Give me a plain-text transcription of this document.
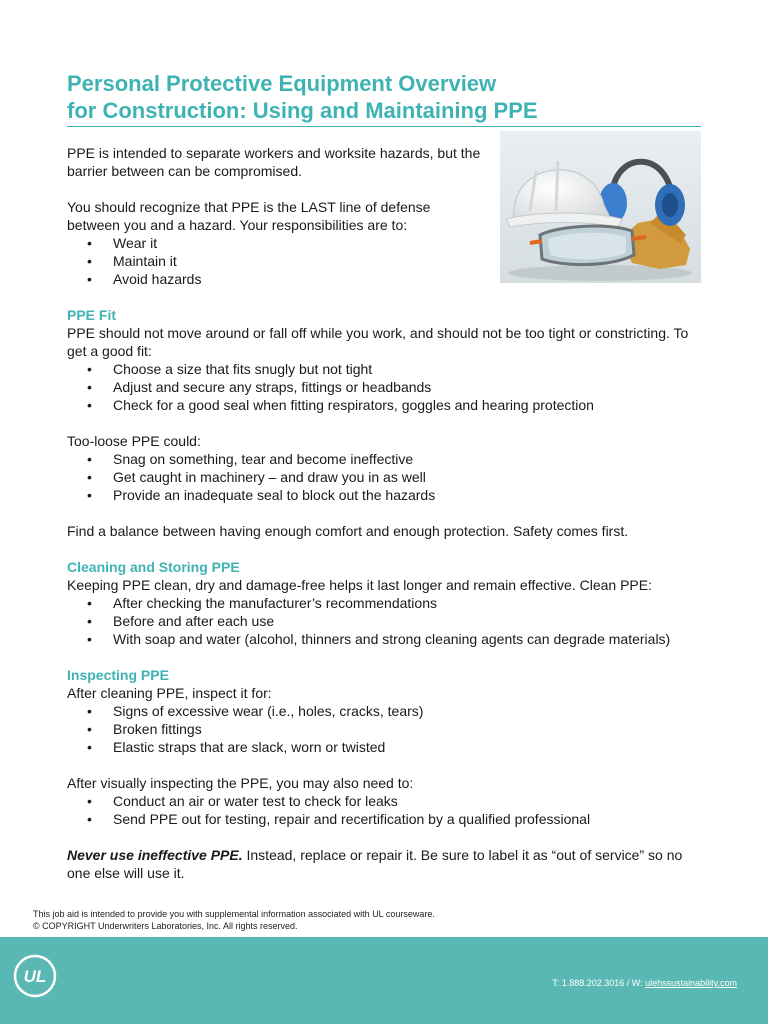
Personal Protective Equipment Overview
for Construction: Using and Maintaining PPE

PPE is intended to separate workers and worksite hazards, but the barrier between can be compromised.

You should recognize that PPE is the LAST line of defense between you and a hazard. Your responsibilities are to:

• Wear it
• Maintain it
• Avoid hazards
PPE Fit

PPE should not move around or fall off while you work, and should not be too tight or constricting. To get a good fit:

• Choose a size that fits snugly but not tight
• Adjust and secure any straps, fittings or headbands
• Check for a good seal when fitting respirators, goggles and hearing protection

Too-loose PPE could:

• Snag on something, tear and become ineffective
• Get caught in machinery – and draw you in as well
• Provide an inadequate seal to block out the hazards

Find a balance between having enough comfort and enough protection. Safety comes first.

Cleaning and Storing PPE

Keeping PPE clean, dry and damage-free helps it last longer and remain effective. Clean PPE:

• After checking the manufacturer’s recommendations
• Before and after each use
• With soap and water (alcohol, thinners and strong cleaning agents can degrade materials)
Inspecting PPE

After cleaning PPE, inspect it for:

• Signs of excessive wear (i.e., holes, cracks, tears)
• Broken fittings
• Elastic straps that are slack, worn or twisted

After visually inspecting the PPE, you may also need to:

• Conduct an air or water test to check for leaks
• Send PPE out for testing, repair and recertification by a qualified professional

Never use ineffective PPE. Instead, replace or repair it. Be sure to label it as “out of service” so no one else will use it.

This job aid is intended to provide you with supplemental information associated with UL courseware.

© COPYRIGHT Underwriters Laboratories, Inc. All rights reserved.

UL	T: 1.888.202.3016 / W: ulehssustainability.com
